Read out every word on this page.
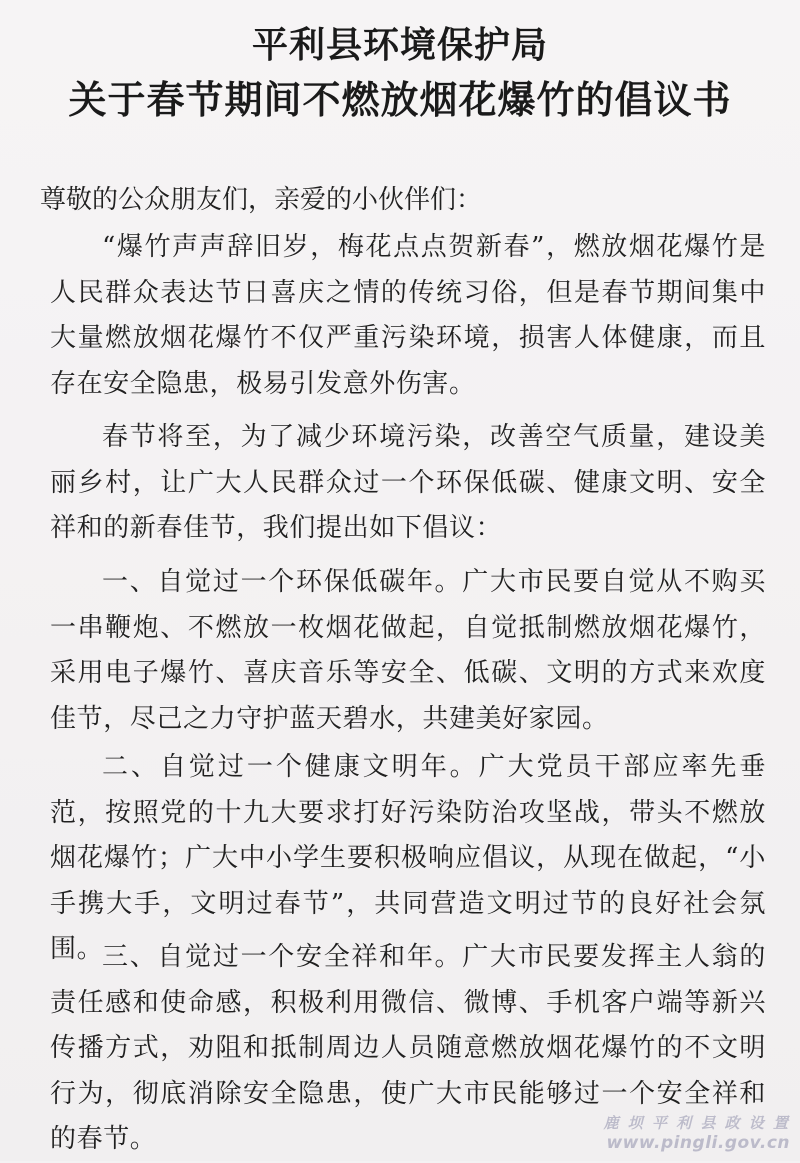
平利县环境保护局
关于春节期间不燃放烟花爆竹的倡议书
尊敬的公众朋友们，亲爱的小伙伴们：
“爆竹声声辞旧岁，梅花点点贺新春”，燃放烟花爆竹是人民群众表达节日喜庆之情的传统习俗，但是春节期间集中大量燃放烟花爆竹不仅严重污染环境，损害人体健康，而且存在安全隐患，极易引发意外伤害。
春节将至，为了减少环境污染，改善空气质量，建设美丽乡村，让广大人民群众过一个环保低碳、健康文明、安全祥和的新春佳节，我们提出如下倡议：
一、自觉过一个环保低碳年。广大市民要自觉从不购买一串鞭炮、不燃放一枚烟花做起，自觉抵制燃放烟花爆竹，采用电子爆竹、喜庆音乐等安全、低碳、文明的方式来欢度佳节，尽己之力守护蓝天碧水，共建美好家园。
二、自觉过一个健康文明年。广大党员干部应率先垂范，按照党的十九大要求打好污染防治攻坚战，带头不燃放烟花爆竹；广大中小学生要积极响应倡议，从现在做起，“小手携大手，文明过春节”，共同营造文明过节的良好社会氛围。
三、自觉过一个安全祥和年。广大市民要发挥主人翁的责任感和使命感，积极利用微信、微博、手机客户端等新兴传播方式，劝阻和抵制周边人员随意燃放烟花爆竹的不文明行为，彻底消除安全隐患，使广大市民能够过一个安全祥和的春节。
鹿 坝 平 利 县 政 设 置
www.pingli.gov.cn
